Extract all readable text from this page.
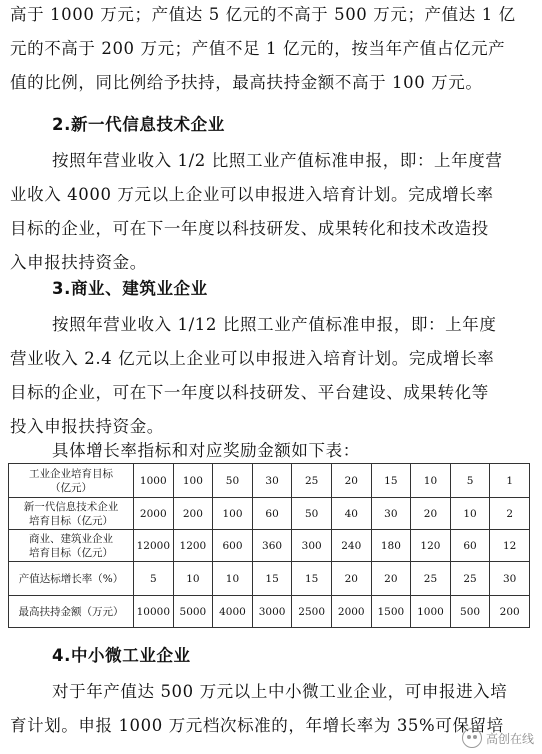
高于 1000 万元；产值达 5 亿元的不高于 500 万元；产值达 1 亿
元的不高于 200 万元；产值不足 1 亿元的，按当年产值占亿元产
值的比例，同比例给予扶持，最高扶持金额不高于 100 万元。
2.新一代信息技术企业
按照年营业收入 1/2 比照工业产值标准申报，即：上年度营
业收入 4000 万元以上企业可以申报进入培育计划。完成增长率
目标的企业，可在下一年度以科技研发、成果转化和技术改造投
入申报扶持资金。
3.商业、建筑业企业
按照年营业收入 1/12 比照工业产值标准申报，即：上年度
营业收入 2.4 亿元以上企业可以申报进入培育计划。完成增长率
目标的企业，可在下一年度以科技研发、平台建设、成果转化等
投入申报扶持资金。
具体增长率指标和对应奖励金额如下表：
工业企业培育目标
（亿元）	1000	100	50	30	25	20	15	10	5	1

新一代信息技术企业
培育目标（亿元）	2000	200	100	60	50	40	30	20	10	2

商业、建筑业企业
培育目标（亿元）	12000	1200	600	360	300	240	180	120	60	12

产值达标增长率（%）	5	10	10	15	15	20	20	25	25	30

最高扶持金额（万元）	10000	5000	4000	3000	2500	2000	1500	1000	500	200
4.中小微工业企业
对于年产值达 500 万元以上中小微工业企业，可申报进入培
育计划。申报 1000 万元档次标准的，年增长率为 35%可保留培
高创在线
